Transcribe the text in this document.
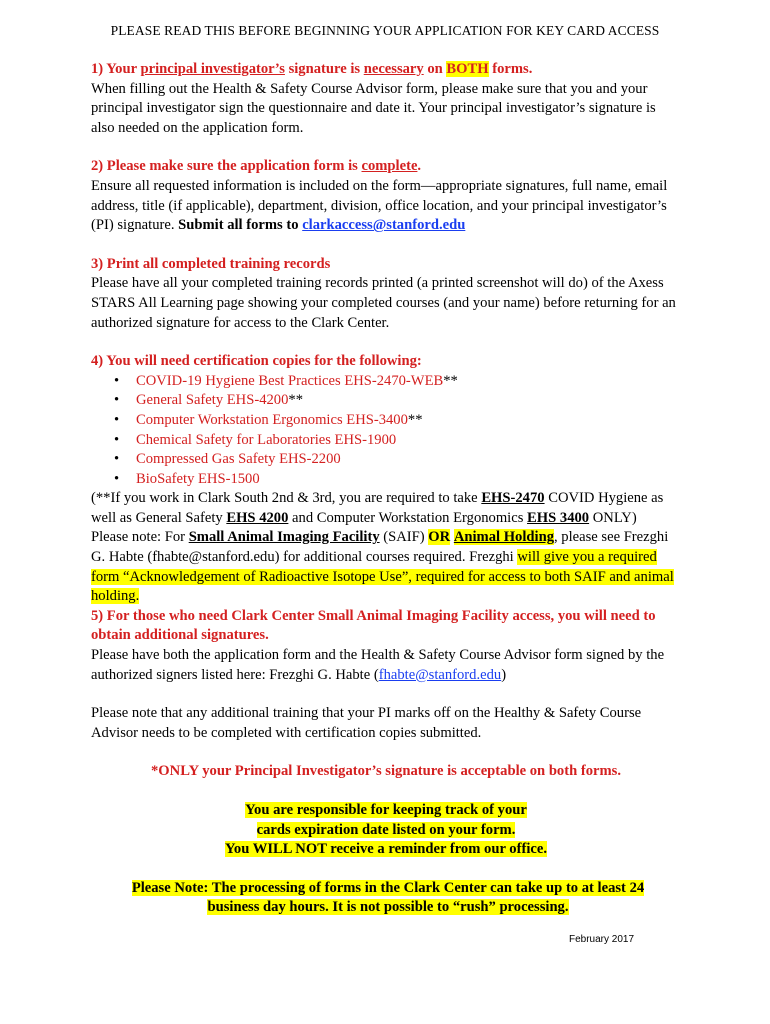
PLEASE READ THIS BEFORE BEGINNING YOUR APPLICATION FOR KEY CARD ACCESS

1) Your principal investigator’s signature is necessary on BOTH forms.

When filling out the Health & Safety Course Advisor form, please make sure that you and your principal investigator sign the questionnaire and date it. Your principal investigator’s signature is also needed on the application form.

2) Please make sure the application form is complete.

Ensure all requested information is included on the form—appropriate signatures, full name, email address, title (if applicable), department, division, office location, and your principal investigator’s (PI) signature. Submit all forms to clarkaccess@stanford.edu

3) Print all completed training records

Please have all your completed training records printed (a printed screenshot will do) of the Axess STARS All Learning page showing your completed courses (and your name) before returning for an authorized signature for access to the Clark Center.

4) You will need certification copies for the following:

• COVID-19 Hygiene Best Practices EHS-2470-WEB**
• General Safety EHS-4200**
• Computer Workstation Ergonomics EHS-3400**
• Chemical Safety for Laboratories EHS-1900
• Compressed Gas Safety EHS-2200
• BioSafety EHS-1500

(**If you work in Clark South 2nd & 3rd, you are required to take EHS-2470 COVID Hygiene as well as General Safety EHS 4200 and Computer Workstation Ergonomics EHS 3400 ONLY)

Please note: For Small Animal Imaging Facility (SAIF) OR Animal Holding, please see Frezghi G. Habte (fhabte@stanford.edu) for additional courses required. Frezghi will give you a required form “Acknowledgement of Radioactive Isotope Use”, required for access to both SAIF and animal holding.

5) For those who need Clark Center Small Animal Imaging Facility access, you will need to obtain additional signatures.

Please have both the application form and the Health & Safety Course Advisor form signed by the authorized signers listed here: Frezghi G. Habte (fhabte@stanford.edu)

Please note that any additional training that your PI marks off on the Healthy & Safety Course Advisor needs to be completed with certification copies submitted.

*ONLY your Principal Investigator’s signature is acceptable on both forms.

You are responsible for keeping track of your

cards expiration date listed on your form.

You WILL NOT receive a reminder from our office.

Please Note: The processing of forms in the Clark Center can take up to at least 24

business day hours. It is not possible to “rush” processing.

February 2017
